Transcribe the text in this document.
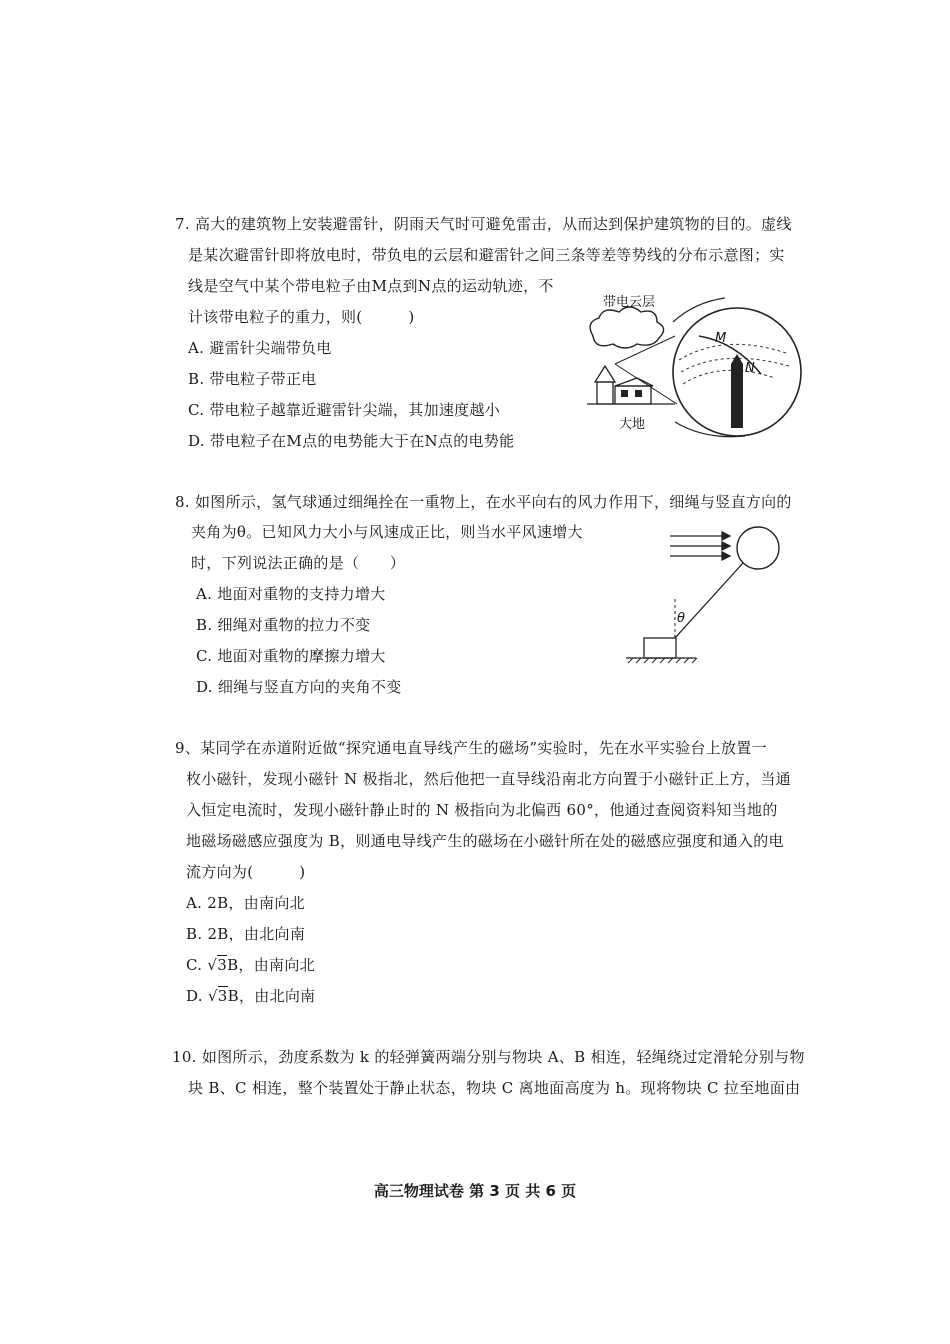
7. 高大的建筑物上安装避雷针，阴雨天气时可避免雷击，从而达到保护建筑物的目的。虚线
是某次避雷针即将放电时，带负电的云层和避雷针之间三条等差等势线的分布示意图；实
线是空气中某个带电粒子由M点到N点的运动轨迹，不
计该带电粒子的重力，则(　　　)
A. 避雷针尖端带负电
B. 带电粒子带正电
C. 带电粒子越靠近避雷针尖端，其加速度越小
D. 带电粒子在M点的电势能大于在N点的电势能
带电云层
M
N
大地
8. 如图所示，氢气球通过细绳拴在一重物上，在水平向右的风力作用下，细绳与竖直方向的
夹角为θ。已知风力大小与风速成正比，则当水平风速增大
时，下列说法正确的是（　　）
A. 地面对重物的支持力增大
B. 细绳对重物的拉力不变
C. 地面对重物的摩擦力增大
D. 细绳与竖直方向的夹角不变
θ
9、某同学在赤道附近做“探究通电直导线产生的磁场”实验时，先在水平实验台上放置一
枚小磁针，发现小磁针 N 极指北，然后他把一直导线沿南北方向置于小磁针正上方，当通
入恒定电流时，发现小磁针静止时的 N 极指向为北偏西 60°，他通过查阅资料知当地的
地磁场磁感应强度为 B，则通电导线产生的磁场在小磁针所在处的磁感应强度和通入的电
流方向为(　　　)
A. 2B，由南向北
B. 2B，由北向南
C. √3B，由南向北
D. √3B，由北向南
10. 如图所示，劲度系数为 k 的轻弹簧两端分别与物块 A、B 相连，轻绳绕过定滑轮分别与物
块 B、C 相连，整个装置处于静止状态，物块 C 离地面高度为 h。现将物块 C 拉至地面由
高三物理试卷 第 3 页 共 6 页
